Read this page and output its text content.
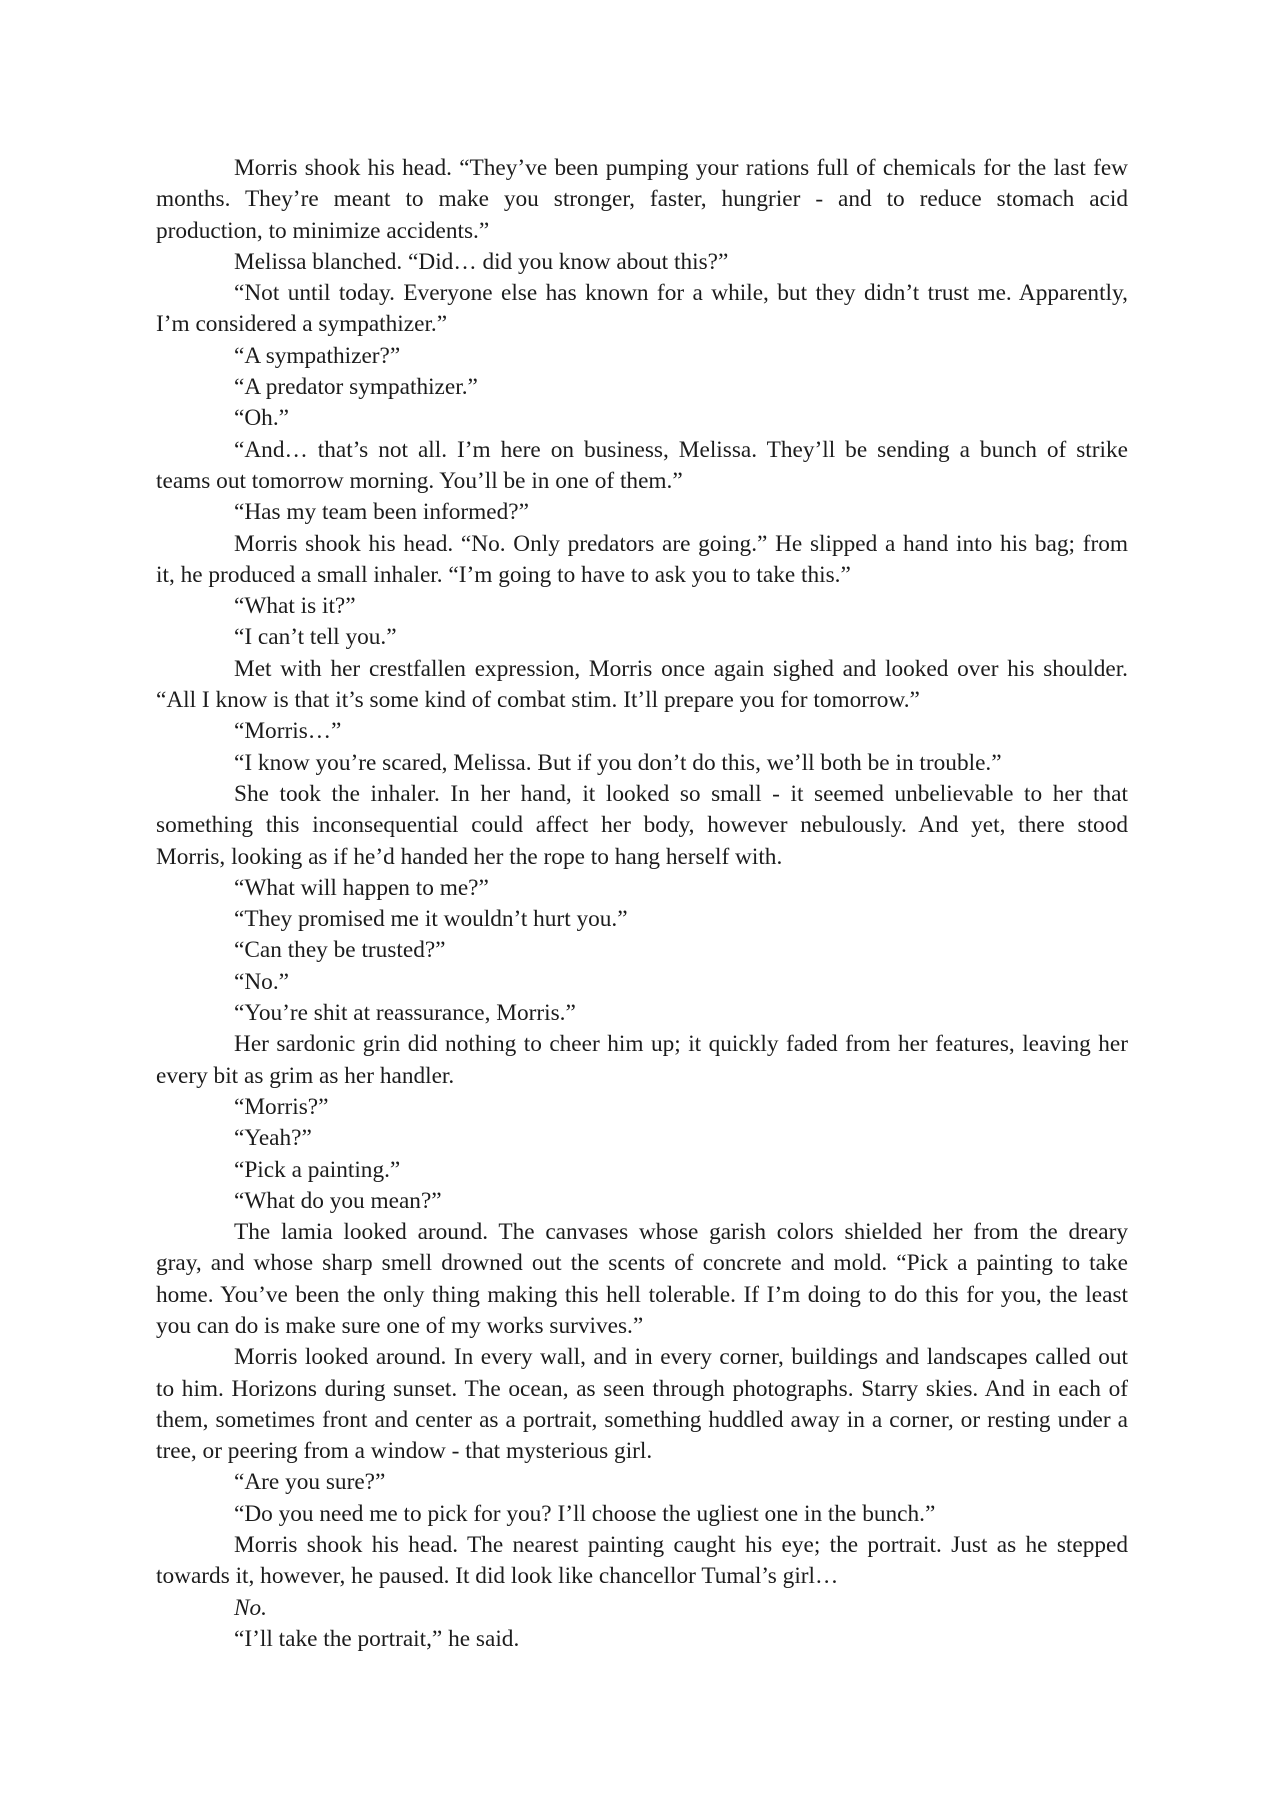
Morris shook his head. “They’ve been pumping your rations full of chemicals for the last few
months. They’re meant to make you stronger, faster, hungrier - and to reduce stomach acid
production, to minimize accidents.”
Melissa blanched. “Did… did you know about this?”
“Not until today. Everyone else has known for a while, but they didn’t trust me. Apparently,
I’m considered a sympathizer.”
“A sympathizer?”
“A predator sympathizer.”
“Oh.”
“And… that’s not all. I’m here on business, Melissa. They’ll be sending a bunch of strike
teams out tomorrow morning. You’ll be in one of them.”
“Has my team been informed?”
Morris shook his head. “No. Only predators are going.” He slipped a hand into his bag; from
it, he produced a small inhaler. “I’m going to have to ask you to take this.”
“What is it?”
“I can’t tell you.”
Met with her crestfallen expression, Morris once again sighed and looked over his shoulder.
“All I know is that it’s some kind of combat stim. It’ll prepare you for tomorrow.”
“Morris…”
“I know you’re scared, Melissa. But if you don’t do this, we’ll both be in trouble.”
She took the inhaler. In her hand, it looked so small - it seemed unbelievable to her that
something this inconsequential could affect her body, however nebulously. And yet, there stood
Morris, looking as if he’d handed her the rope to hang herself with.
“What will happen to me?”
“They promised me it wouldn’t hurt you.”
“Can they be trusted?”
“No.”
“You’re shit at reassurance, Morris.”
Her sardonic grin did nothing to cheer him up; it quickly faded from her features, leaving her
every bit as grim as her handler.
“Morris?”
“Yeah?”
“Pick a painting.”
“What do you mean?”
The lamia looked around. The canvases whose garish colors shielded her from the dreary
gray, and whose sharp smell drowned out the scents of concrete and mold. “Pick a painting to take
home. You’ve been the only thing making this hell tolerable. If I’m doing to do this for you, the least
you can do is make sure one of my works survives.”
Morris looked around. In every wall, and in every corner, buildings and landscapes called out
to him. Horizons during sunset. The ocean, as seen through photographs. Starry skies. And in each of
them, sometimes front and center as a portrait, something huddled away in a corner, or resting under a
tree, or peering from a window - that mysterious girl.
“Are you sure?”
“Do you need me to pick for you? I’ll choose the ugliest one in the bunch.”
Morris shook his head. The nearest painting caught his eye; the portrait. Just as he stepped
towards it, however, he paused. It did look like chancellor Tumal’s girl…
No.
“I’ll take the portrait,” he said.
